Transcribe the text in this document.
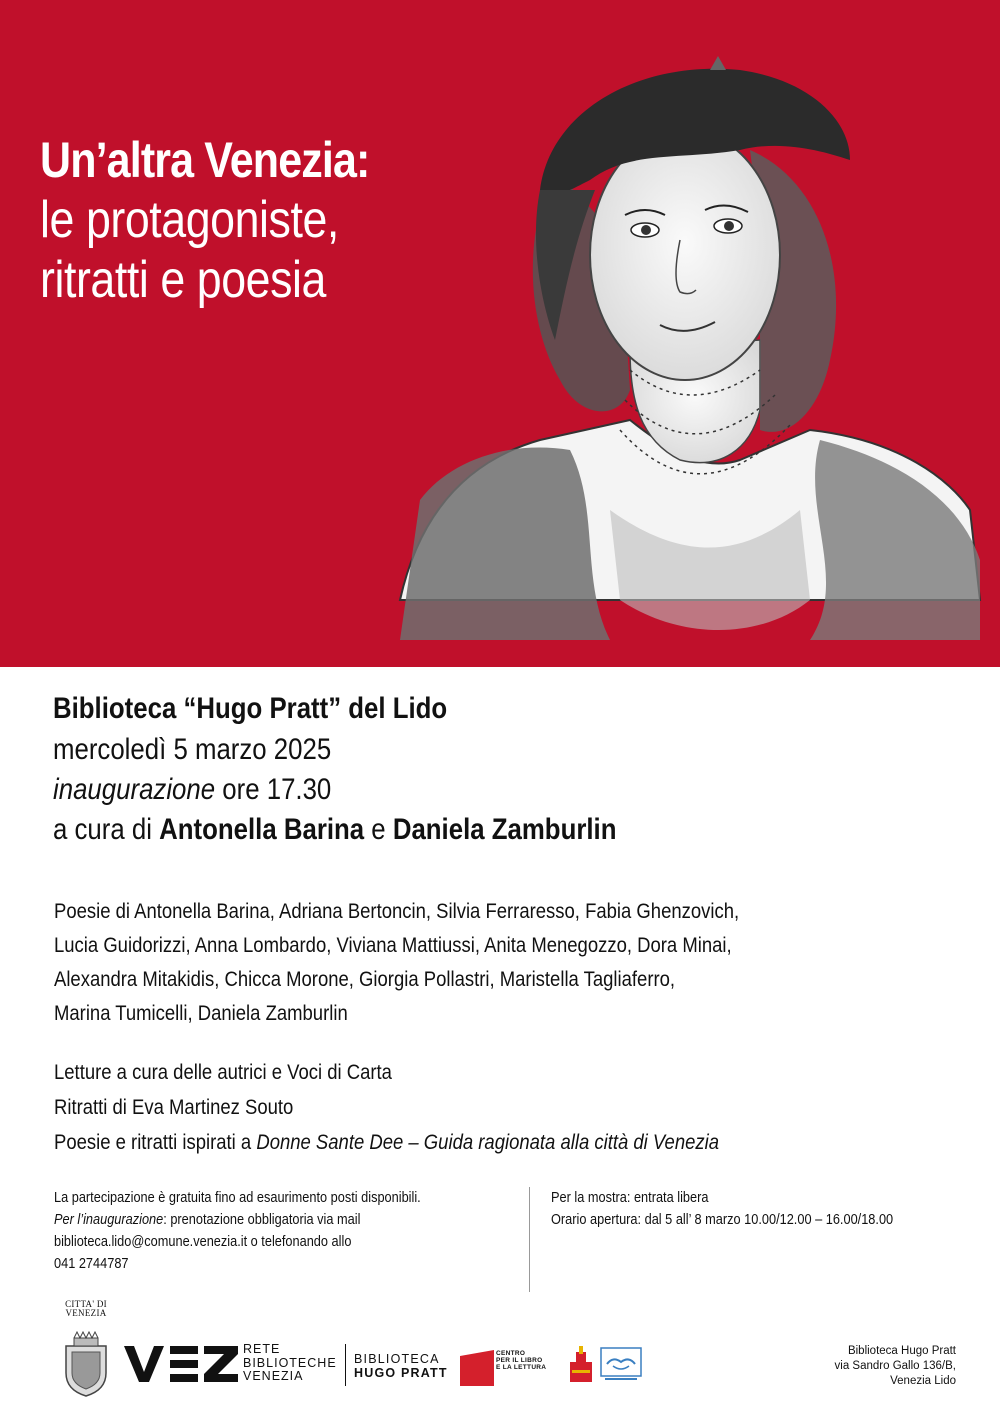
Un’altra Venezia:
le protagoniste,
ritratti e poesia
Biblioteca “Hugo Pratt” del Lido
mercoledì 5 marzo 2025
inaugurazione ore 17.30
a cura di Antonella Barina e Daniela Zamburlin
Poesie di Antonella Barina, Adriana Bertoncin, Silvia Ferraresso, Fabia Ghenzovich,
Lucia Guidorizzi, Anna Lombardo, Viviana Mattiussi, Anita Menegozzo, Dora Minai,
Alexandra Mitakidis, Chicca Morone, Giorgia Pollastri, Maristella Tagliaferro,
Marina Tumicelli, Daniela Zamburlin
Letture a cura delle autrici e Voci di Carta
Ritratti di Eva Martinez Souto
Poesie e ritratti ispirati a Donne Sante Dee – Guida ragionata alla città di Venezia
La partecipazione è gratuita fino ad esaurimento posti disponibili.
Per l’inaugurazione: prenotazione obbligatoria via mail
biblioteca.lido@comune.venezia.it o telefonando allo
041 2744787
Per la mostra: entrata libera
Orario apertura: dal 5 all’ 8 marzo 10.00/12.00 – 16.00/18.00
CITTA' DI
VENEZIA
RETE
BIBLIOTECHE
VENEZIA
BIBLIOTECA
HUGO PRATT
CENTRO
PER IL LIBRO
E LA LETTURA
Biblioteca Hugo Pratt
via Sandro Gallo 136/B,
Venezia Lido
